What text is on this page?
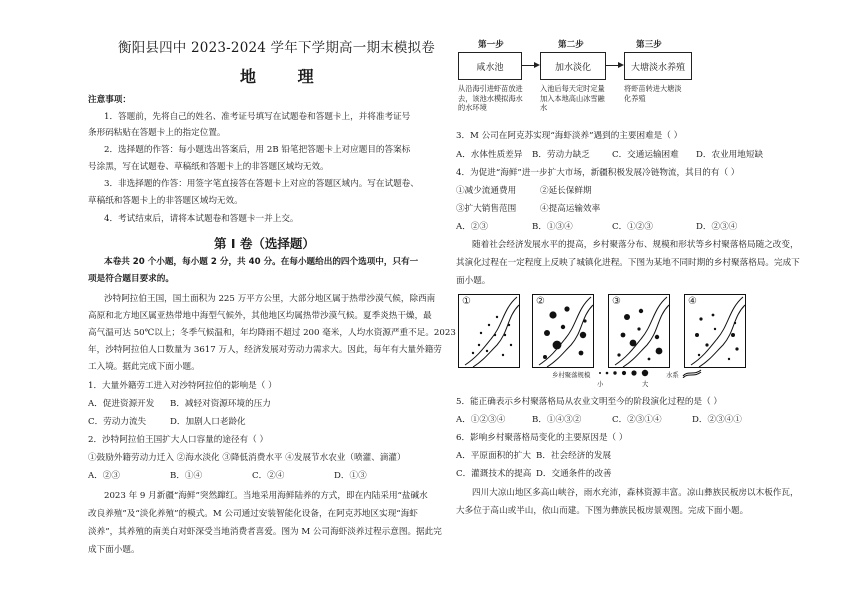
衡阳县四中 2023-2024 学年下学期高一期末模拟卷
地 理
注意事项：
1．答题前，先将自己的姓名、准考证号填写在试题卷和答题卡上，并将准考证号
条形码粘贴在答题卡上的指定位置。
2．选择题的作答：每小题选出答案后，用 2B 铅笔把答题卡上对应题目的答案标
号涂黑，写在试题卷、草稿纸和答题卡上的非答题区域均无效。
3．非选择题的作答：用签字笔直接答在答题卡上对应的答题区域内。写在试题卷、
草稿纸和答题卡上的非答题区域均无效。
4．考试结束后，请将本试题卷和答题卡一并上交。
第 Ⅰ 卷（选择题）
本卷共 20 个小题，每小题 2 分，共 40 分。在每小题给出的四个选项中，只有一
项是符合题目要求的。
沙特阿拉伯王国，国土面积为 225 万平方公里，大部分地区属于热带沙漠气候，除西南
高原和北方地区属亚热带地中海型气候外，其他地区均属热带沙漠气候。夏季炎热干燥，最
高气温可达 50℃以上；冬季气候温和，年均降雨不超过 200 毫米，人均水资源严重不足。2023
年，沙特阿拉伯人口数量为 3617 万人，经济发展对劳动力需求大。因此，每年有大量外籍劳
工入境。据此完成下面小题。
1．大量外籍劳工进入对沙特阿拉伯的影响是（ ）
A．促进资源开发 B．减轻对资源环境的压力
C．劳动力流失	D．加剧人口老龄化
2．沙特阿拉伯王国扩大人口容量的途径有（ ）
①鼓励外籍劳动力迁入 ②海水淡化 ③降低消费水平 ④发展节水农业（喷灌、滴灌）
A．②③	B．①④	C．②④	D．①③
2023 年 9 月新疆“海鲜”突然蹿红。当地采用海鲜陆养的方式，即在内陆采用“盐碱水
改良养殖”及“淡化养殖”的模式。M 公司通过安装智能化设备，在阿克苏地区实现“海虾
淡养”，其养殖的南美白对虾深受当地消费者喜爱。图为 M 公司海虾淡养过程示意图。据此完
成下面小题。
第一步	第二步	第三步
咸水池	加水淡化	大塘淡水养殖
从沿海引进虾苗放进去，该池水模拟海水的水环境
入池后每天定时定量加入本地高山冰雪融水
将虾苗转进大塘淡化养殖
3．M 公司在阿克苏实现“海虾淡养”遇到的主要困难是（ ）
A．水体性质差异 B．劳动力缺乏	C．交通运输困难 D．农业用地短缺
4．为促进“海鲜”进一步扩大市场，新疆积极发展冷链物流，其目的有（ ）
①减少流通费用	②延长保鲜期
③扩大销售范围	④提高运输效率
A．②③	B．①③④	C．①②③	D．②③④
随着社会经济发展水平的提高，乡村聚落分布、规模和形状等乡村聚落格局随之改变，
其演化过程在一定程度上反映了城镇化进程。下图为某地不同时期的乡村聚落格局。完成下
面小题。
①	②	③	④
乡村聚落规模
小	大
水系
5．能正确表示乡村聚落格局从农业文明至今的阶段演化过程的是（ ）
A．①②③④	B．①④③②	C．②③①④	D．②③④①
6．影响乡村聚落格局变化的主要原因是（ ）
A．平原面积的扩大 B．社会经济的发展
C．灌溉技术的提高 D．交通条件的改善
四川大凉山地区多高山峡谷，雨水充沛，森林资源丰富。凉山彝族民板房以木板作瓦，
大多位于高山或半山，依山而建。下图为彝族民板房景观图。完成下面小题。
